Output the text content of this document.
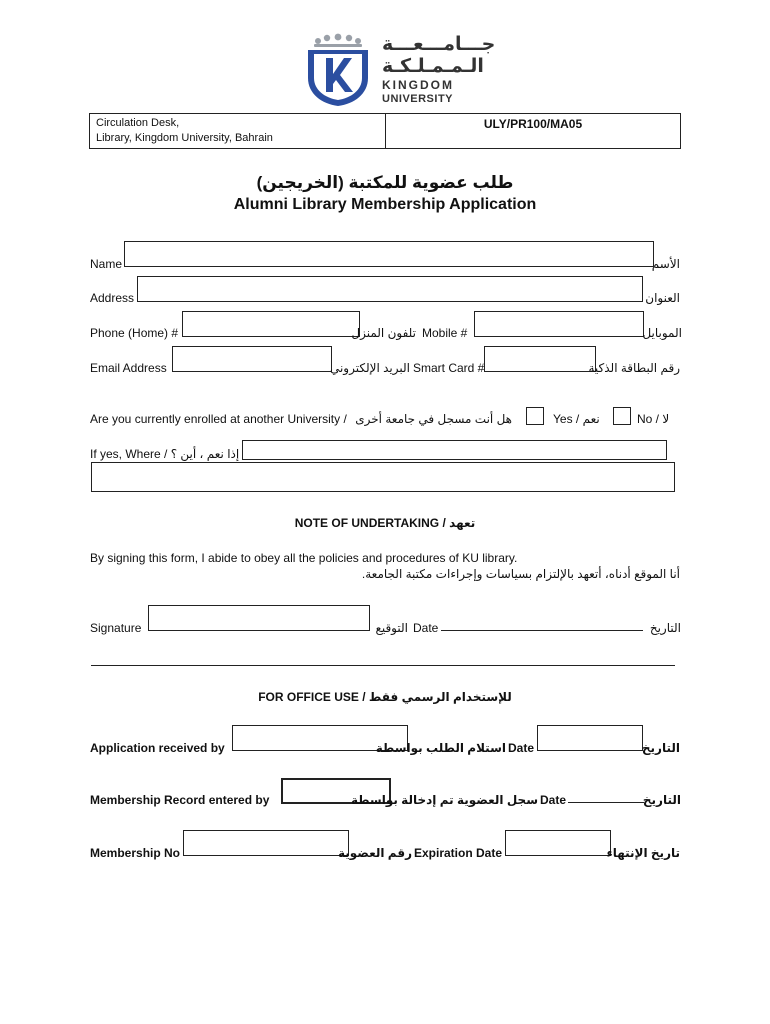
جـــامـــعـــة
الـمـمـلـكـة
KINGDOM
UNIVERSITY
Circulation Desk,
Library, Kingdom University, Bahrain
ULY/PR100/MA05
طلب عضوية للمكتبة (الخريجين)
Alumni Library Membership Application
Name	الأسم
Address	العنوان
Phone (Home) #	تلفون المنزل Mobile #	الموبايل
Email Address	البريد الإلكتروني Smart Card #	رقم البطاقة الذكية
Are you currently enrolled at another University / هل أنت مسجل في جامعة أخرى	Yes / نعم	No / لا
If yes, Where / إذا نعم ، أين ؟
NOTE OF UNDERTAKING / تعهد
By signing this form, I abide to obey all the policies and procedures of KU library.
أنا الموقع أدناه، أتعهد بالإلتزام بسياسات وإجراءات مكتبة الجامعة.
Signature	التوقيع Date	التاريخ
FOR OFFICE USE / للإستخدام الرسمي فقط
Application received by	استلام الطلب بواسطة Date	التاريخ
Membership Record entered by	سجل العضوية تم إدخالة بواسطة Date	التاريخ
Membership No	رقم العضوية Expiration Date	تاريخ الإنتهاء
